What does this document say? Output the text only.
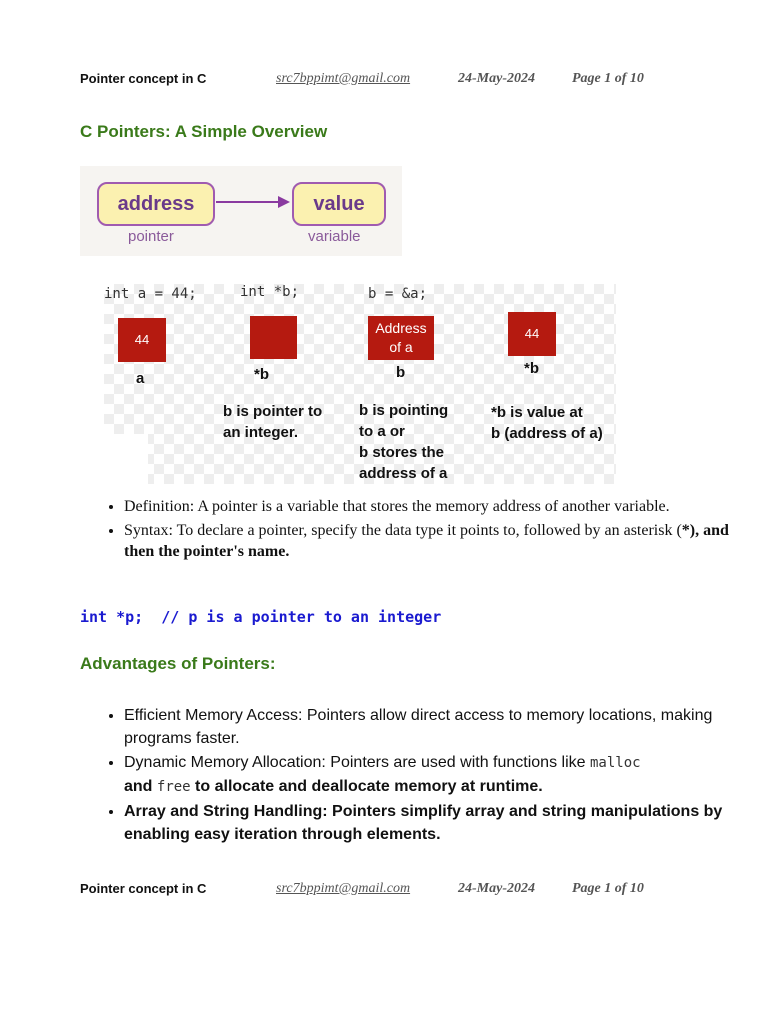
Pointer concept in C	src7bppimt@gmail.com	24-May-2024	Page 1 of 10
C Pointers: A Simple Overview
address	value
pointer	variable
int a = 44;	int *b;	b = &a;
44
Address
of a
44
a	*b	b	*b
b is pointer to
an integer.
b is pointing
to a or
b stores the
address of a
*b is value at
b (address of a)
• Definition: A pointer is a variable that stores the memory address of another variable.
• Syntax: To declare a pointer, specify the data type it points to, followed by an asterisk (*), and then the pointer's name.
int *p;  // p is a pointer to an integer
Advantages of Pointers:
• Efficient Memory Access: Pointers allow direct access to memory locations, making programs faster.
• Dynamic Memory Allocation: Pointers are used with functions like malloc
and free to allocate and deallocate memory at runtime.
• Array and String Handling: Pointers simplify array and string manipulations by enabling easy iteration through elements.
Pointer concept in C	src7bppimt@gmail.com	24-May-2024	Page 1 of 10
